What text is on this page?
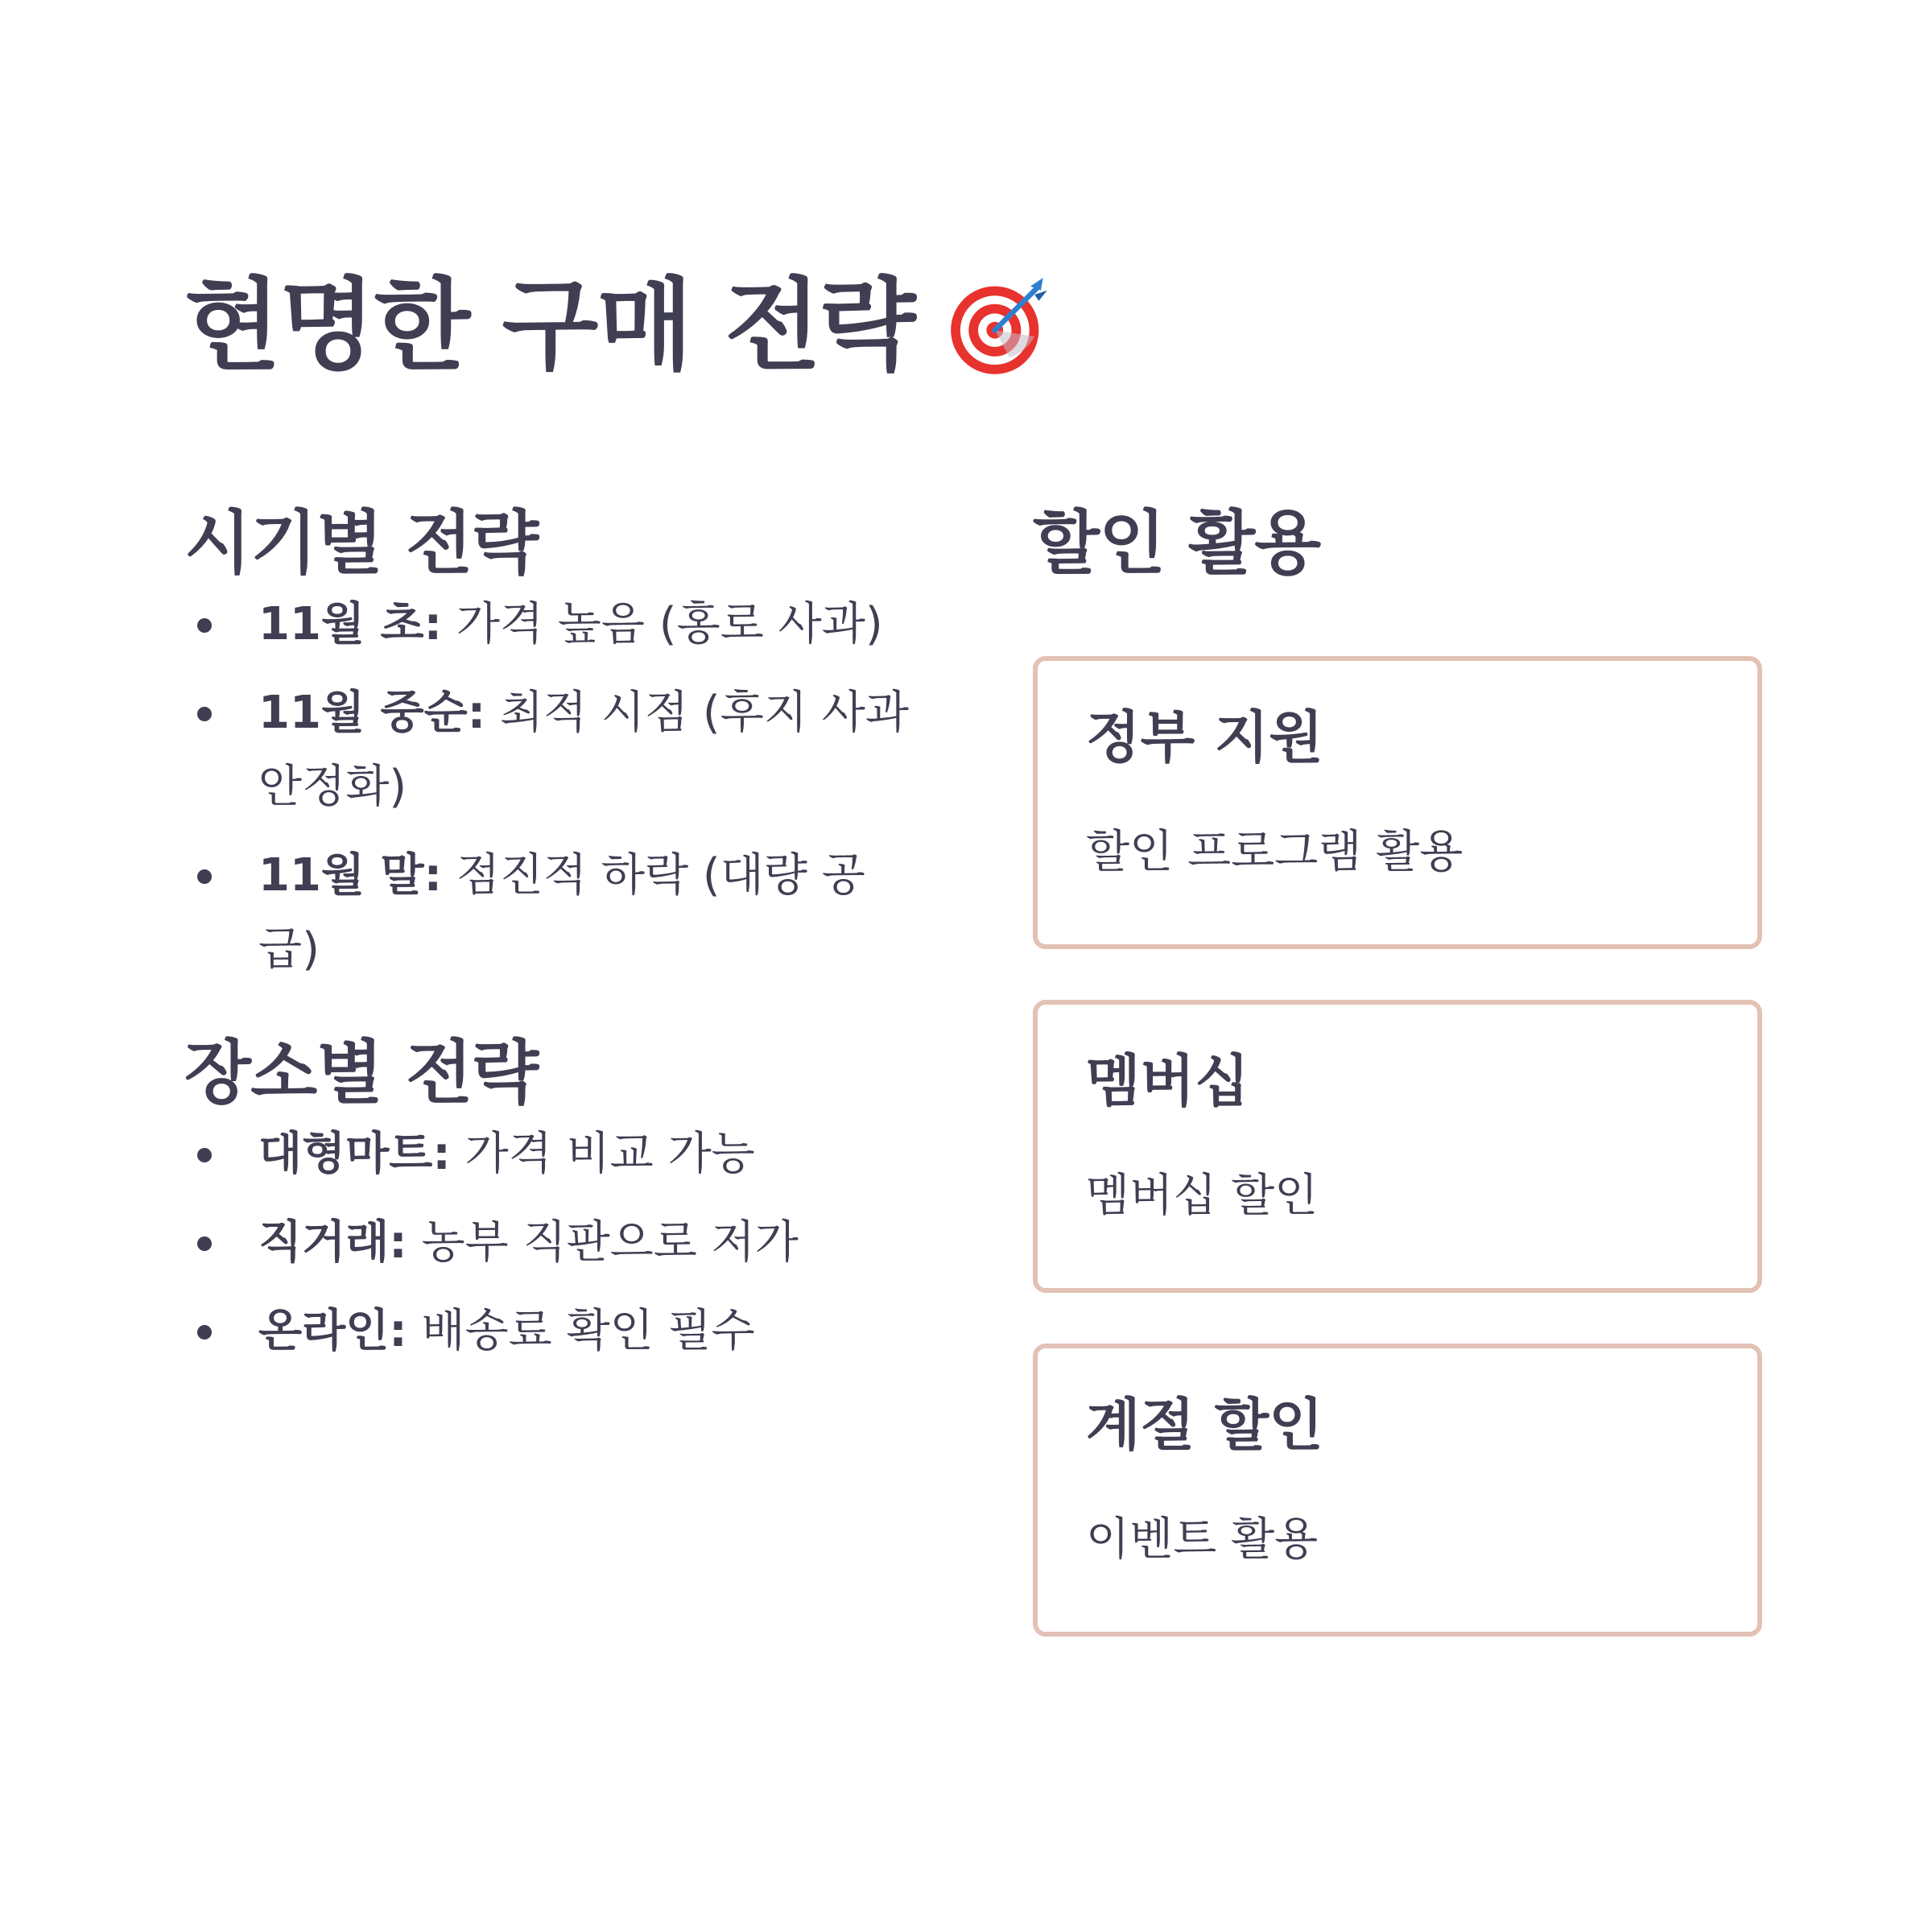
현명한 구매 전략
시기별 전략
11월 초: 가격 높음 (홍로 사과)
11월 중순: 최적 시점 (후지 사과 안정화)
11월 말: 점진적 하락 (대량 공급)
장소별 전략
대형마트: 가격 비교 가능
직거래: 농부 직판으로 저가
온라인: 배송료 확인 필수
할인 활용
정부 지원

할인 프로그램 활용

멤버십

멤버십 할인

계절 할인

이벤트 활용
